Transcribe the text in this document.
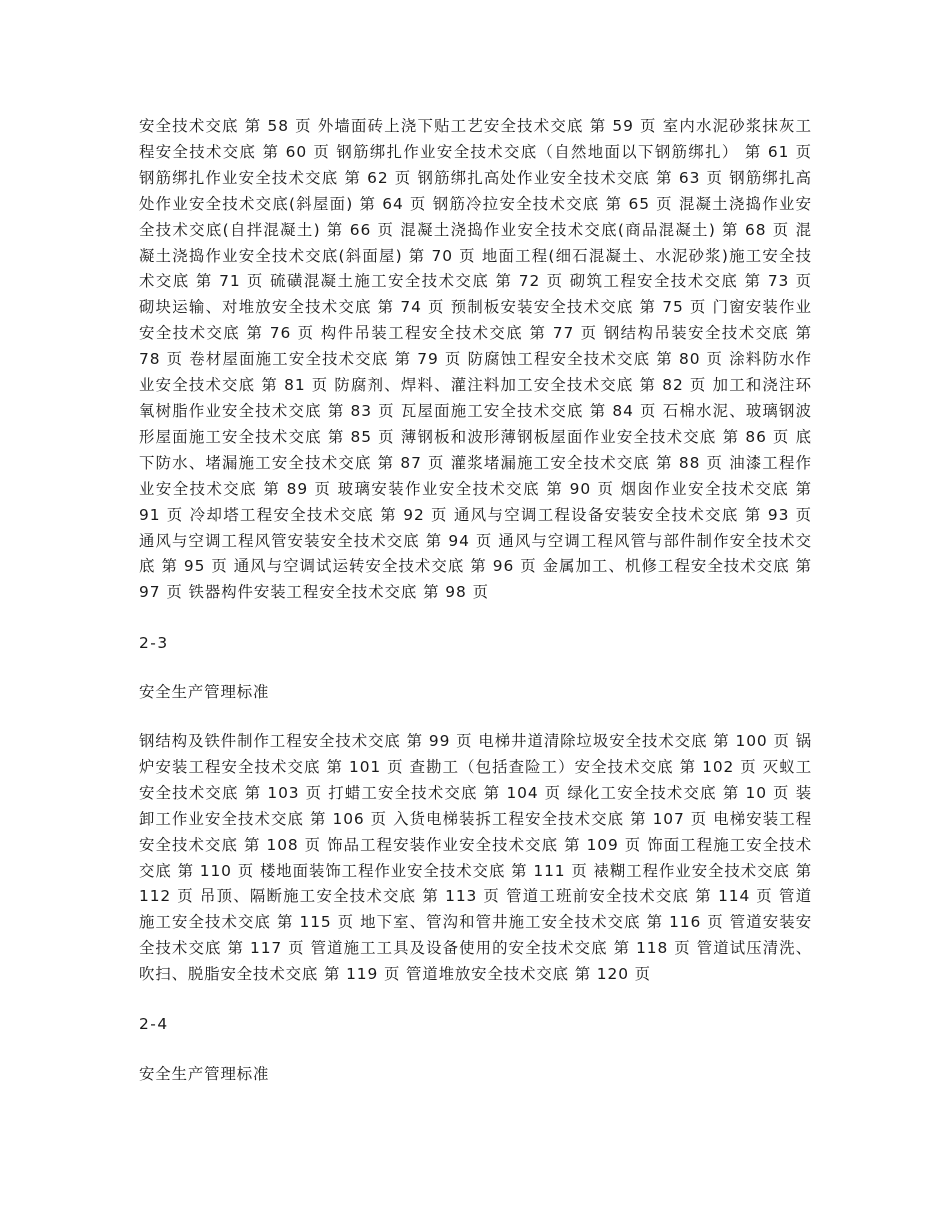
安全技术交底 第 58 页 外墙面砖上浇下贴工艺安全技术交底 第 59 页 室内水泥砂浆抹灰工程安全技术交底 第 60 页 钢筋绑扎作业安全技术交底（自然地面以下钢筋绑扎） 第 61 页 钢筋绑扎作业安全技术交底 第 62 页 钢筋绑扎高处作业安全技术交底 第 63 页 钢筋绑扎高处作业安全技术交底(斜屋面) 第 64 页 钢筋冷拉安全技术交底 第 65 页 混凝土浇捣作业安全技术交底(自拌混凝土) 第 66 页 混凝土浇捣作业安全技术交底(商品混凝土) 第 68 页 混凝土浇捣作业安全技术交底(斜面屋) 第 70 页 地面工程(细石混凝土、水泥砂浆)施工安全技术交底 第 71 页 硫磺混凝土施工安全技术交底 第 72 页 砌筑工程安全技术交底 第 73 页 砌块运输、对堆放安全技术交底 第 74 页 预制板安装安全技术交底 第 75 页 门窗安装作业安全技术交底 第 76 页 构件吊装工程安全技术交底 第 77 页 钢结构吊装安全技术交底 第 78 页 卷材屋面施工安全技术交底 第 79 页 防腐蚀工程安全技术交底 第 80 页 涂料防水作业安全技术交底 第 81 页 防腐剂、焊料、灌注料加工安全技术交底 第 82 页 加工和浇注环氧树脂作业安全技术交底 第 83 页 瓦屋面施工安全技术交底 第 84 页 石棉水泥、玻璃钢波形屋面施工安全技术交底 第 85 页 薄钢板和波形薄钢板屋面作业安全技术交底 第 86 页 底下防水、堵漏施工安全技术交底 第 87 页 灌浆堵漏施工安全技术交底 第 88 页 油漆工程作业安全技术交底 第 89 页 玻璃安装作业安全技术交底 第 90 页 烟囱作业安全技术交底 第 91 页 冷却塔工程安全技术交底 第 92 页 通风与空调工程设备安装安全技术交底 第 93 页 通风与空调工程风管安装安全技术交底 第 94 页 通风与空调工程风管与部件制作安全技术交底 第 95 页 通风与空调试运转安全技术交底 第 96 页 金属加工、机修工程安全技术交底 第 97 页 铁器构件安装工程安全技术交底 第 98 页

2-3

安全生产管理标准

钢结构及铁件制作工程安全技术交底 第 99 页 电梯井道清除垃圾安全技术交底 第 100 页 锅炉安装工程安全技术交底 第 101 页 查勘工（包括查险工）安全技术交底 第 102 页 灭蚁工安全技术交底 第 103 页 打蜡工安全技术交底 第 104 页 绿化工安全技术交底 第 10 页 装卸工作业安全技术交底 第 106 页 入货电梯装拆工程安全技术交底 第 107 页 电梯安装工程安全技术交底 第 108 页 饰品工程安装作业安全技术交底 第 109 页 饰面工程施工安全技术交底 第 110 页 楼地面装饰工程作业安全技术交底 第 111 页 裱糊工程作业安全技术交底 第 112 页 吊顶、隔断施工安全技术交底 第 113 页 管道工班前安全技术交底 第 114 页 管道施工安全技术交底 第 115 页 地下室、管沟和管井施工安全技术交底 第 116 页 管道安装安全技术交底 第 117 页 管道施工工具及设备使用的安全技术交底 第 118 页 管道试压清洗、吹扫、脱脂安全技术交底 第 119 页 管道堆放安全技术交底 第 120 页

2-4

安全生产管理标准
